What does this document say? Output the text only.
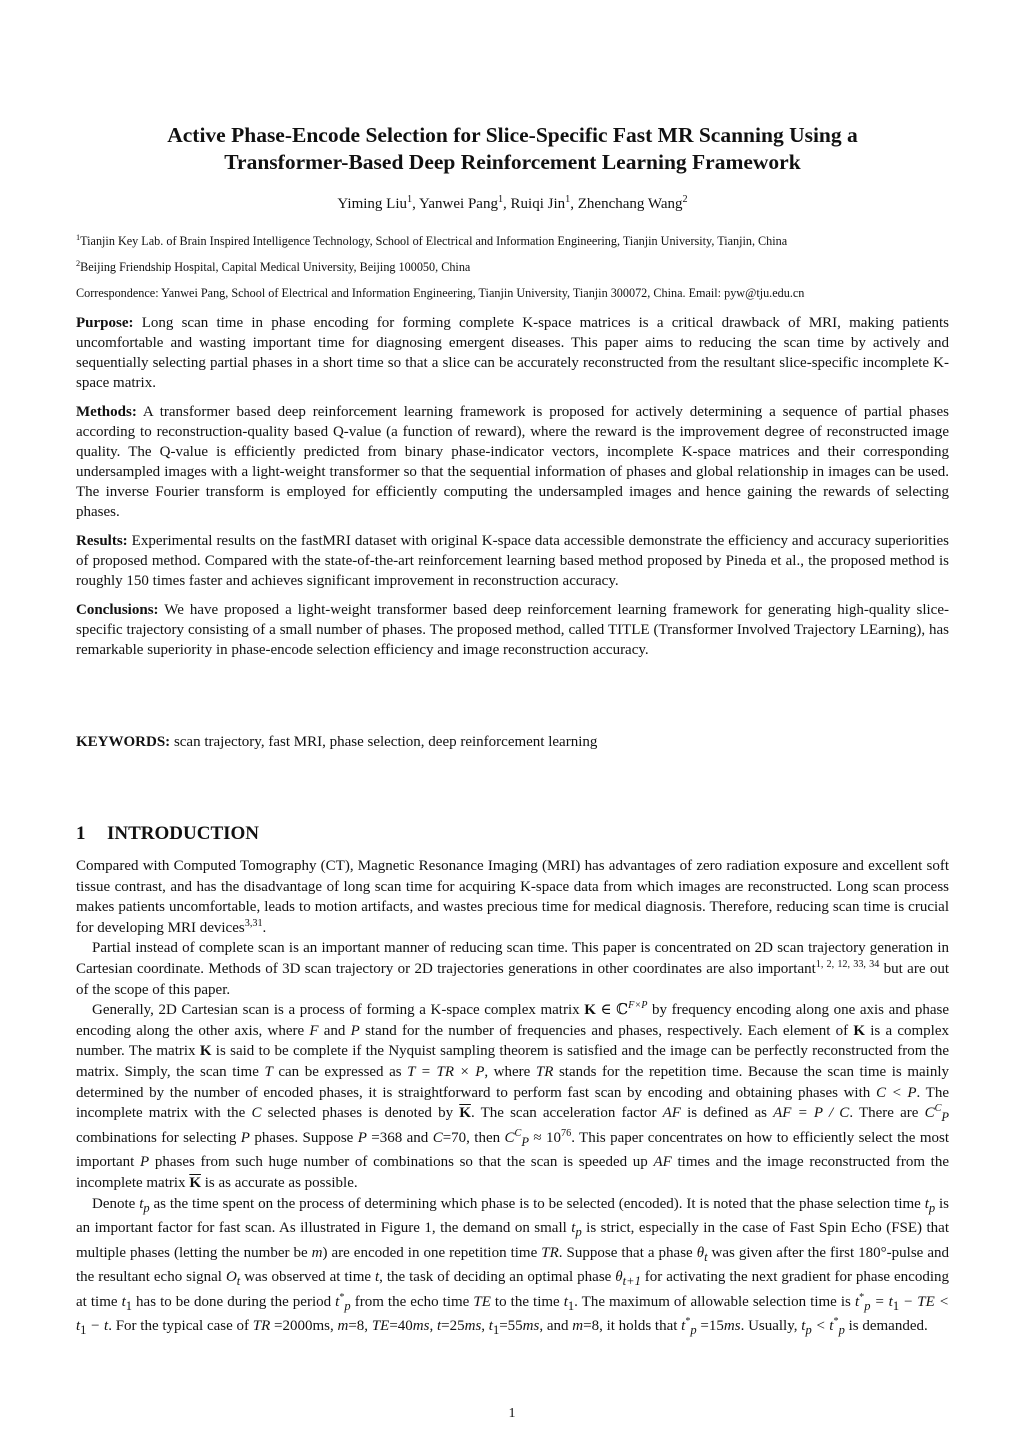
Active Phase-Encode Selection for Slice-Specific Fast MR Scanning Using a
Transformer-Based Deep Reinforcement Learning Framework
Yiming Liu$^1$, Yanwei Pang$^1$, Ruiqi Jin$^1$, Zhenchang Wang$^2$
$^1$Tianjin Key Lab. of Brain Inspired Intelligence Technology, School of Electrical and Information Engineering, Tianjin University, Tianjin, China
$^2$Beijing Friendship Hospital, Capital Medical University, Beijing 100050, China
Correspondence: Yanwei Pang, School of Electrical and Information Engineering, Tianjin University, Tianjin 300072, China. Email: pyw@tju.edu.cn

Purpose: Long scan time in phase encoding for forming complete K-space matrices is a critical drawback of MRI, making patients uncomfortable and wasting important time for diagnosing emergent diseases. This paper aims to reducing the scan time by actively and sequentially selecting partial phases in a short time so that a slice can be accurately reconstructed from the resultant slice-specific incomplete K-space matrix.

Methods: A transformer based deep reinforcement learning framework is proposed for actively determining a sequence of partial phases according to reconstruction-quality based Q-value (a function of reward), where the reward is the improvement degree of reconstructed image quality. The Q-value is efficiently predicted from binary phase-indicator vectors, incomplete K-space matrices and their corresponding undersampled images with a light-weight transformer so that the sequential information of phases and global relationship in images can be used. The inverse Fourier transform is employed for efficiently computing the undersampled images and hence gaining the rewards of selecting phases.

Results: Experimental results on the fastMRI dataset with original K-space data accessible demonstrate the efficiency and accuracy superiorities of proposed method. Compared with the state-of-the-art reinforcement learning based method proposed by Pineda et al., the proposed method is roughly 150 times faster and achieves significant improvement in reconstruction accuracy.

Conclusions: We have proposed a light-weight transformer based deep reinforcement learning framework for generating high-quality slice-specific trajectory consisting of a small number of phases. The proposed method, called TITLE (Transformer Involved Trajectory LEarning), has remarkable superiority in phase-encode selection efficiency and image reconstruction accuracy.

KEYWORDS: scan trajectory, fast MRI, phase selection, deep reinforcement learning
1 INTRODUCTION

Compared with Computed Tomography (CT), Magnetic Resonance Imaging (MRI) has advantages of zero radiation exposure and excellent soft tissue contrast, and has the disadvantage of long scan time for acquiring K-space data from which images are reconstructed. Long scan process makes patients uncomfortable, leads to motion artifacts, and wastes precious time for medical diagnosis. Therefore, reducing scan time is crucial for developing MRI devices$^{3,31}$.

Partial instead of complete scan is an important manner of reducing scan time. This paper is concentrated on 2D scan trajectory generation in Cartesian coordinate. Methods of 3D scan trajectory or 2D trajectories generations in other coordinates are also important$^{1, 2, 12, 33, 34}$ but are out of the scope of this paper.

Generally, 2D Cartesian scan is a process of forming a K-space complex matrix K ∈ ℂ$^{F\times P}$ by frequency encoding along one axis and phase encoding along the other axis, where F and P stand for the number of frequencies and phases, respectively. Each element of K is a complex number. The matrix K is said to be complete if the Nyquist sampling theorem is satisfied and the image can be perfectly reconstructed from the matrix. Simply, the scan time T can be expressed as T = TR × P, where TR stands for the repetition time. Because the scan time is mainly determined by the number of encoded phases, it is straightforward to perform fast scan by encoding and obtaining phases with C < P. The incomplete matrix with the C selected phases is denoted by $\overline{K}$. The scan acceleration factor AF is defined as AF = P / C. There are $C^C_P$ combinations for selecting P phases. Suppose P =368 and C=70, then $C^C_P \approx 10^{76}$. This paper concentrates on how to efficiently select the most important P phases from such huge number of combinations so that the scan is speeded up AF times and the image reconstructed from the incomplete matrix $\overline{K}$ is as accurate as possible.

Denote $t_p$ as the time spent on the process of determining which phase is to be selected (encoded). It is noted that the phase selection time $t_p$ is an important factor for fast scan. As illustrated in Figure 1, the demand on small $t_p$ is strict, especially in the case of Fast Spin Echo (FSE) that multiple phases (letting the number be m) are encoded in one repetition time TR. Suppose that a phase $\theta_t$ was given after the first 180°-pulse and the resultant echo signal $O_t$ was observed at time t, the task of deciding an optimal phase $\theta_{t+1}$ for activating the next gradient for phase encoding at time $t_1$ has to be done during the period $t^*_p$ from the echo time TE to the time $t_1$. The maximum of allowable selection time is $t^*_p = t_1$ − TE < $t_1 - t$. For the typical case of TR =2000ms, m=8, TE=40ms, t=25ms, $t_1=55ms$, and m=8, it holds that $t^*_p =15ms$. Usually, $t_p < t^*_p$ is demanded.

1
